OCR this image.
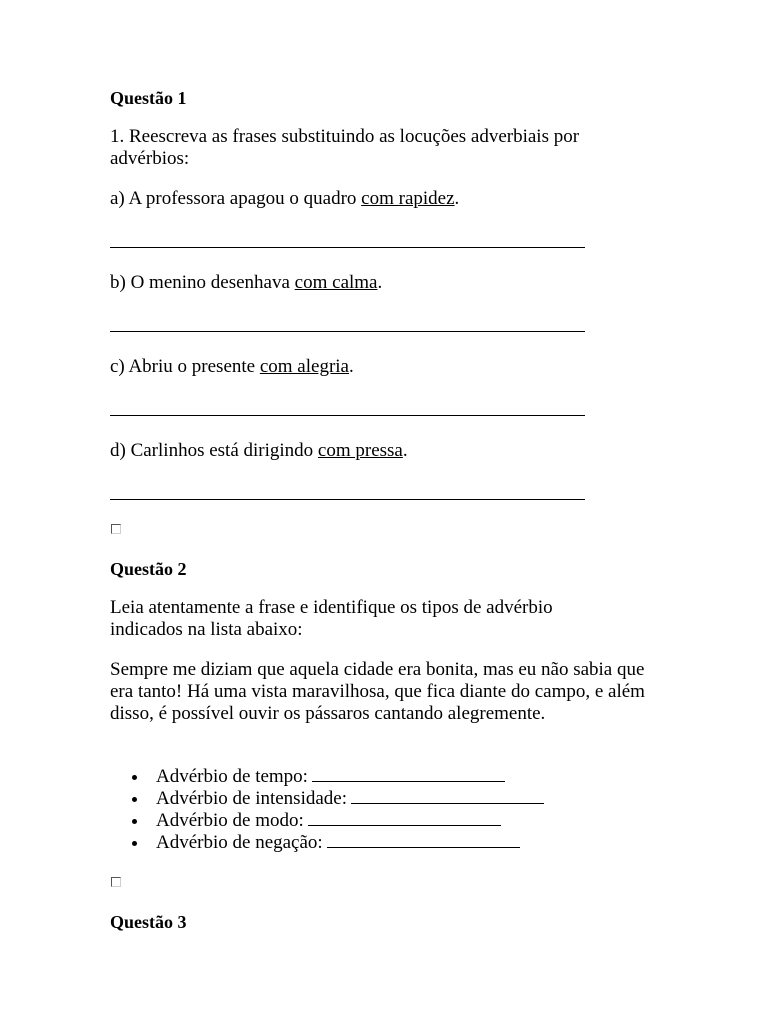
Questão 1
1. Reescreva as frases substituindo as locuções adverbiais por advérbios:
a) A professora apagou o quadro com rapidez.
b) O menino desenhava com calma.
c) Abriu o presente com alegria.
d) Carlinhos está dirigindo com pressa.
Questão 2
Leia atentamente a frase e identifique os tipos de advérbio indicados na lista abaixo:
Sempre me diziam que aquela cidade era bonita, mas eu não sabia que era tanto! Há uma vista maravilhosa, que fica diante do campo, e além disso, é possível ouvir os pássaros cantando alegremente.
Advérbio de tempo:
Advérbio de intensidade:
Advérbio de modo:
Advérbio de negação:
Questão 3
